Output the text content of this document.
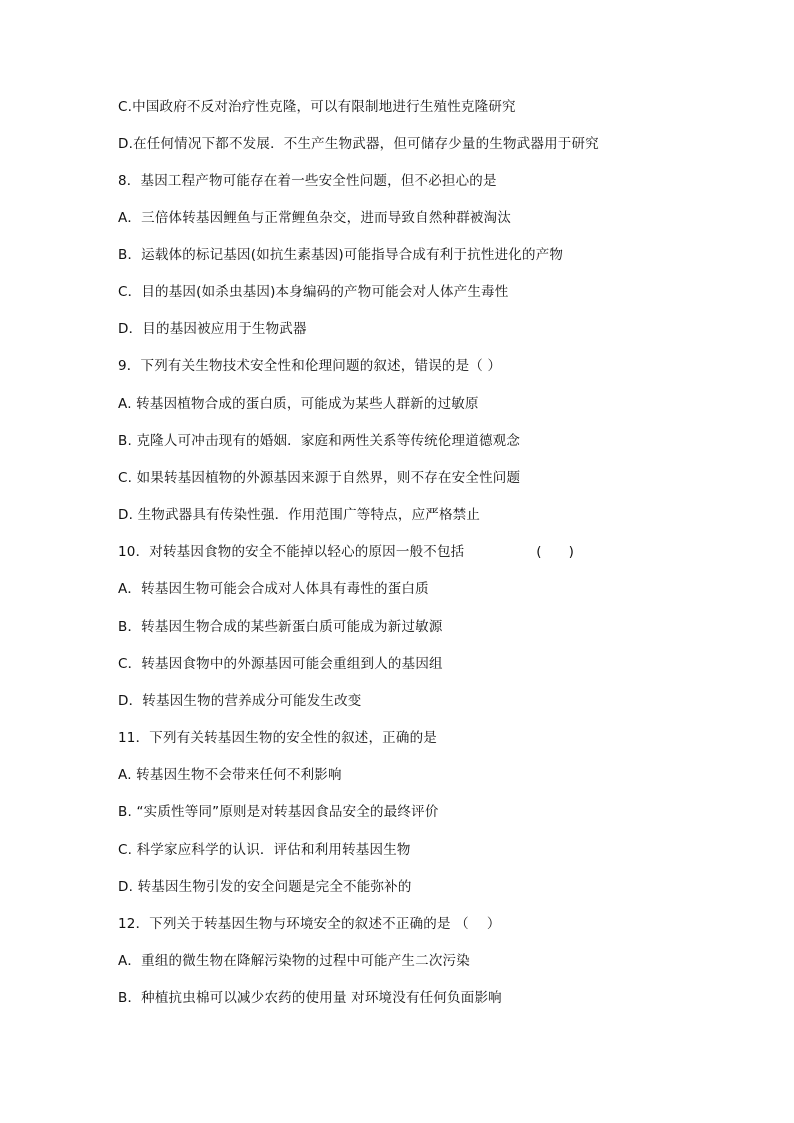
C.中国政府不反对治疗性克隆，可以有限制地进行生殖性克隆研究
D.在任何情况下都不发展．不生产生物武器，但可储存少量的生物武器用于研究
8．基因工程产物可能存在着一些安全性问题，但不必担心的是
A．三倍体转基因鲤鱼与正常鲤鱼杂交，进而导致自然种群被淘汰
B．运载体的标记基因(如抗生素基因)可能指导合成有利于抗性进化的产物
C．目的基因(如杀虫基因)本身编码的产物可能会对人体产生毒性
D．目的基因被应用于生物武器
9．下列有关生物技术安全性和伦理问题的叙述，错误的是（ ）
A. 转基因植物合成的蛋白质，可能成为某些人群新的过敏原
B. 克隆人可冲击现有的婚姻．家庭和两性关系等传统伦理道德观念
C. 如果转基因植物的外源基因来源于自然界，则不存在安全性问题
D. 生物武器具有传染性强．作用范围广等特点，应严格禁止
10．对转基因食物的安全不能掉以轻心的原因一般不包括                (      )
A．转基因生物可能会合成对人体具有毒性的蛋白质
B．转基因生物合成的某些新蛋白质可能成为新过敏源
C．转基因食物中的外源基因可能会重组到人的基因组
D．转基因生物的营养成分可能发生改变
11．下列有关转基因生物的安全性的叙述，正确的是
A. 转基因生物不会带来任何不利影响
B. “实质性等同”原则是对转基因食品安全的最终评价
C. 科学家应科学的认识．评估和利用转基因生物
D. 转基因生物引发的安全问题是完全不能弥补的
12．下列关于转基因生物与环境安全的叙述不正确的是 （    ）
A．重组的微生物在降解污染物的过程中可能产生二次污染
B．种植抗虫棉可以减少农药的使用量 对环境没有任何负面影响
